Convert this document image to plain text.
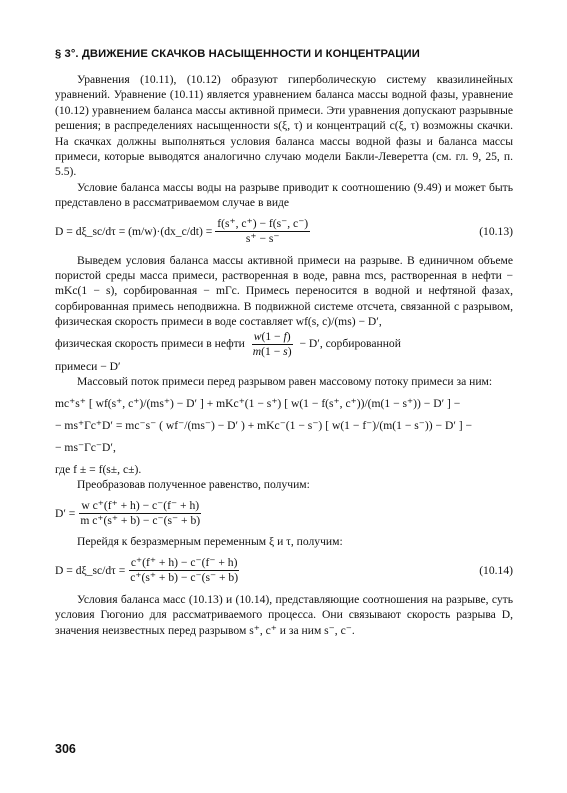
§ 3°. ДВИЖЕНИЕ СКАЧКОВ НАСЫЩЕННОСТИ И КОНЦЕНТРАЦИИ

Уравнения (10.11), (10.12) образуют гиперболическую систему квазилинейных уравнений. Уравнение (10.11) является уравнением баланса массы водной фазы, уравнение (10.12) уравнением баланса массы активной примеси. Эти уравнения допускают разрывные решения; в распределениях насыщенности s(ξ, τ) и концентраций c(ξ, τ) возможны скачки. На скачках должны выполняться условия баланса массы водной фазы и баланса массы примеси, которые выводятся аналогично случаю модели Бакли-Леверетта (см. гл. 9, 25, п. 5.5).

Условие баланса массы воды на разрыве приводит к соотношению (9.49) и может быть представлено в рассматриваемом случае в виде

D = dξ_sc/dτ = (m/w)·(dx_c/dt) = $\frac{f(s^+, c^+) - f(s^-, c^-)}{s^+ - s^-}$	(10.13)

Выведем условия баланса массы активной примеси на разрыве. В единичном объеме пористой среды масса примеси, растворенная в воде, равна mcs, растворенная в нефти − mKc(1 − s), сорбированная − mΓc. Примесь переносится в водной и нефтяной фазах, сорбированная примесь неподвижна. В подвижной системе отсчета, связанной с разрывом, физическая скорость примеси в воде составляет wf(s, c)/(ms) − D′,

физическая скорость примеси в нефти $\frac{w(1 - f)}{m(1 - s)} - D'$, сорбированной

примеси − D′

Массовый поток примеси перед разрывом равен массовому потоку примеси за ним:

mc⁺s⁺ [ wf(s⁺, c⁺)/(ms⁺) − D′ ] + mKc⁺(1 − s⁺) [ w(1 − f(s⁺, c⁺))/(m(1 − s⁺)) − D′ ] −

− ms⁺Γc⁺D′ = mc⁻s⁻ ( wf⁻/(ms⁻) − D′ ) + mKc⁻(1 − s⁻) [ w(1 − f⁻)/(m(1 − s⁻)) − D′ ] −

− ms⁻Γc⁻D′,

где f ± = f(s±, c±).

Преобразовав полученное равенство, получим:

$D' = \frac{\text{w c⁺(f⁺ + h) − c⁻(f⁻ + h)}}{\text{m c⁺(s⁺ + b) − c⁻(s⁻ + b)}}$

Перейдя к безразмерным переменным ξ и τ, получим:

D = dξ_sc/dτ = $\frac{c^+(f^+ + h) - c^-(f^- + h)}{c^+(s^+ + b) - c^-(s^- + b)}$	(10.14)

Условия баланса масс (10.13) и (10.14), представляющие соотношения на разрыве, суть условия Гюгонио для рассматриваемого процесса. Они связывают скорость разрыва D, значения неизвестных перед разрывом s⁺, c⁺ и за ним s⁻, c⁻.

306
